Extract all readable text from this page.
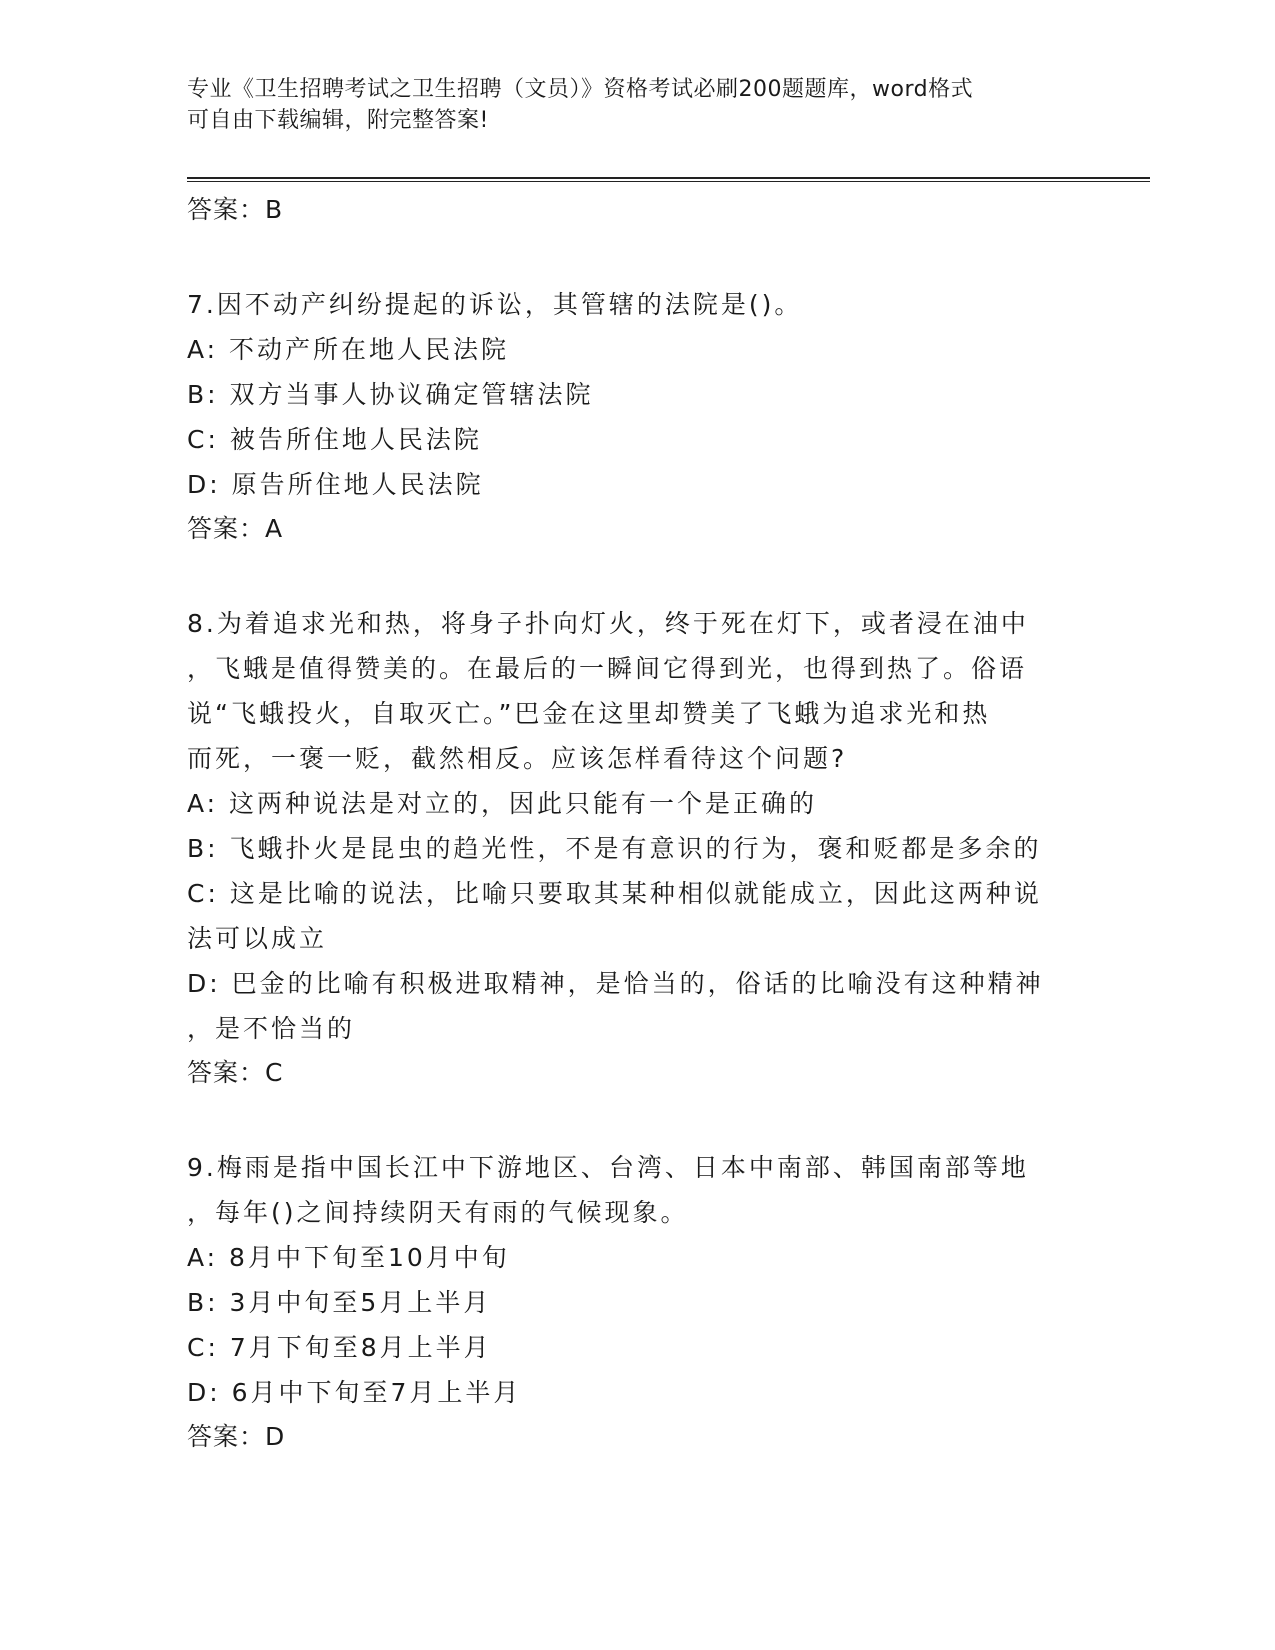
专业《卫生招聘考试之卫生招聘（文员）》资格考试必刷200题题库，word格式
可自由下载编辑，附完整答案!
答案：B
7.因不动产纠纷提起的诉讼，其管辖的法院是()。
A: 不动产所在地人民法院
B: 双方当事人协议确定管辖法院
C: 被告所住地人民法院
D: 原告所住地人民法院
答案：A
8.为着追求光和热，将身子扑向灯火，终于死在灯下，或者浸在油中
，飞蛾是值得赞美的。在最后的一瞬间它得到光，也得到热了。俗语
说“飞蛾投火，自取灭亡。”巴金在这里却赞美了飞蛾为追求光和热
而死，一褒一贬，截然相反。应该怎样看待这个问题?
A: 这两种说法是对立的，因此只能有一个是正确的
B: 飞蛾扑火是昆虫的趋光性，不是有意识的行为，褒和贬都是多余的
C: 这是比喻的说法，比喻只要取其某种相似就能成立，因此这两种说
法可以成立
D: 巴金的比喻有积极进取精神，是恰当的，俗话的比喻没有这种精神
，是不恰当的
答案：C
9.梅雨是指中国长江中下游地区、台湾、日本中南部、韩国南部等地
，每年()之间持续阴天有雨的气候现象。
A: 8月中下旬至10月中旬
B: 3月中旬至5月上半月
C: 7月下旬至8月上半月
D: 6月中下旬至7月上半月
答案：D
